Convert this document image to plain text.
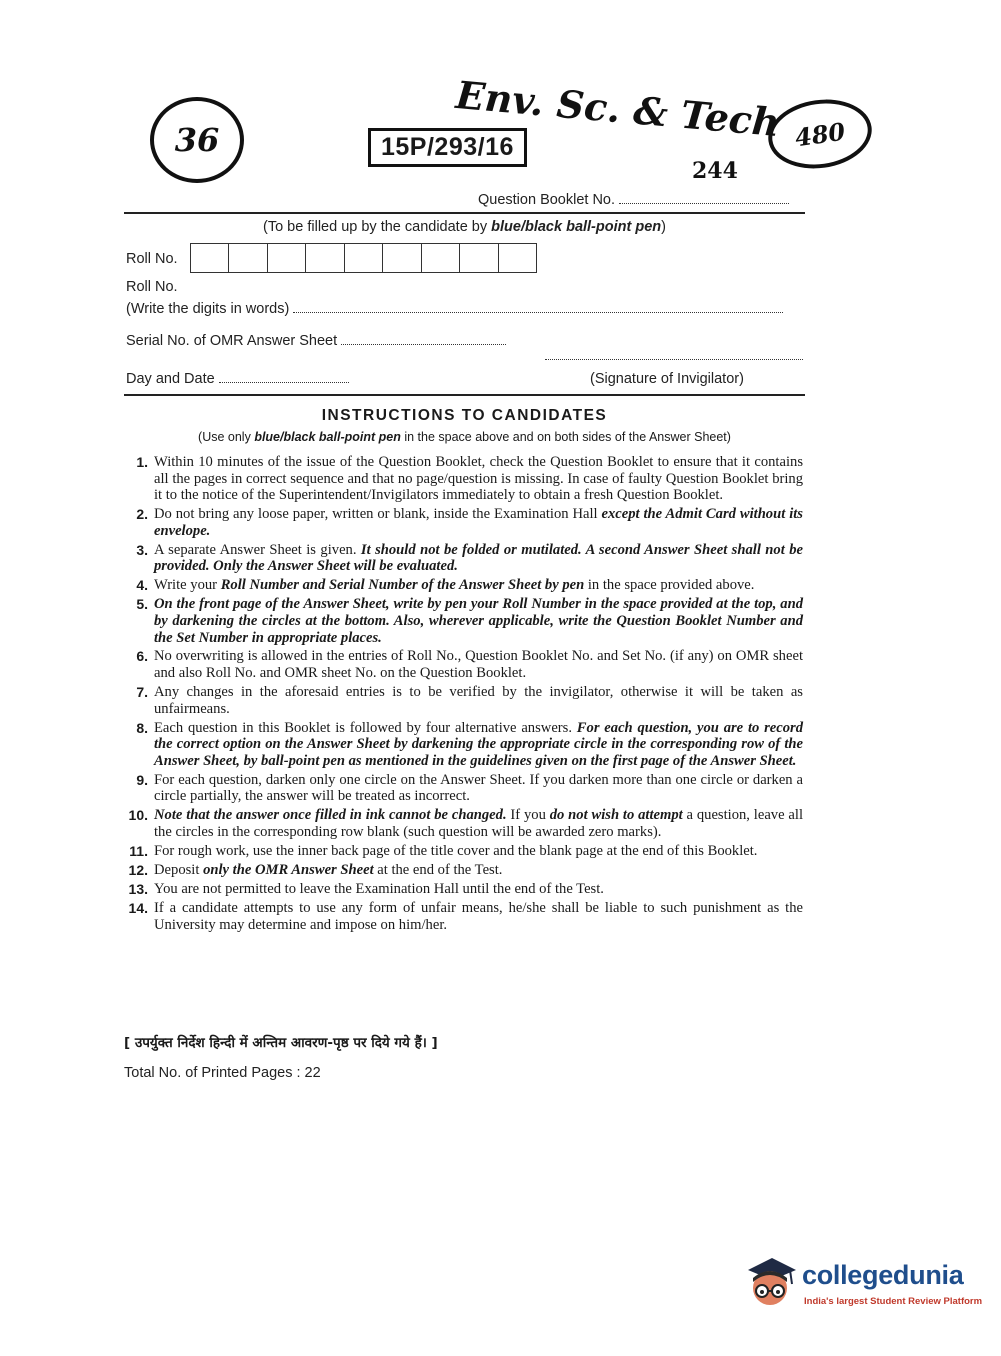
36	Env. Sc. & Tech 480
15P/293/16
244
Question Booklet No.
(To be filled up by the candidate by blue/black ball-point pen)
Roll No.
Roll No.
(Write the digits in words)
Serial No. of OMR Answer Sheet
Day and Date	(Signature of Invigilator)
INSTRUCTIONS TO CANDIDATES
(Use only blue/black ball-point pen in the space above and on both sides of the Answer Sheet)
1. Within 10 minutes of the issue of the Question Booklet, check the Question Booklet to ensure that it contains all the pages in correct sequence and that no page/question is missing. In case of faulty Question Booklet bring it to the notice of the Superintendent/Invigilators immediately to obtain a fresh Question Booklet.
2. Do not bring any loose paper, written or blank, inside the Examination Hall except the Admit Card without its envelope.
3. A separate Answer Sheet is given. It should not be folded or mutilated. A second Answer Sheet shall not be provided. Only the Answer Sheet will be evaluated.
4. Write your Roll Number and Serial Number of the Answer Sheet by pen in the space provided above.
5. On the front page of the Answer Sheet, write by pen your Roll Number in the space provided at the top, and by darkening the circles at the bottom. Also, wherever applicable, write the Question Booklet Number and the Set Number in appropriate places.
6. No overwriting is allowed in the entries of Roll No., Question Booklet No. and Set No. (if any) on OMR sheet and also Roll No. and OMR sheet No. on the Question Booklet.
7. Any changes in the aforesaid entries is to be verified by the invigilator, otherwise it will be taken as unfairmeans.
8. Each question in this Booklet is followed by four alternative answers. For each question, you are to record the correct option on the Answer Sheet by darkening the appropriate circle in the corresponding row of the Answer Sheet, by ball-point pen as mentioned in the guidelines given on the first page of the Answer Sheet.
9. For each question, darken only one circle on the Answer Sheet. If you darken more than one circle or darken a circle partially, the answer will be treated as incorrect.
10. Note that the answer once filled in ink cannot be changed. If you do not wish to attempt a question, leave all the circles in the corresponding row blank (such question will be awarded zero marks).
11. For rough work, use the inner back page of the title cover and the blank page at the end of this Booklet.
12. Deposit only the OMR Answer Sheet at the end of the Test.
13. You are not permitted to leave the Examination Hall until the end of the Test.
14. If a candidate attempts to use any form of unfair means, he/she shall be liable to such punishment as the University may determine and impose on him/her.
[ उपर्युक्त निर्देश हिन्दी में अन्तिम आवरण-पृष्ठ पर दिये गये हैं। ]
Total No. of Printed Pages : 22
collegedunia
India's largest Student Review Platform
